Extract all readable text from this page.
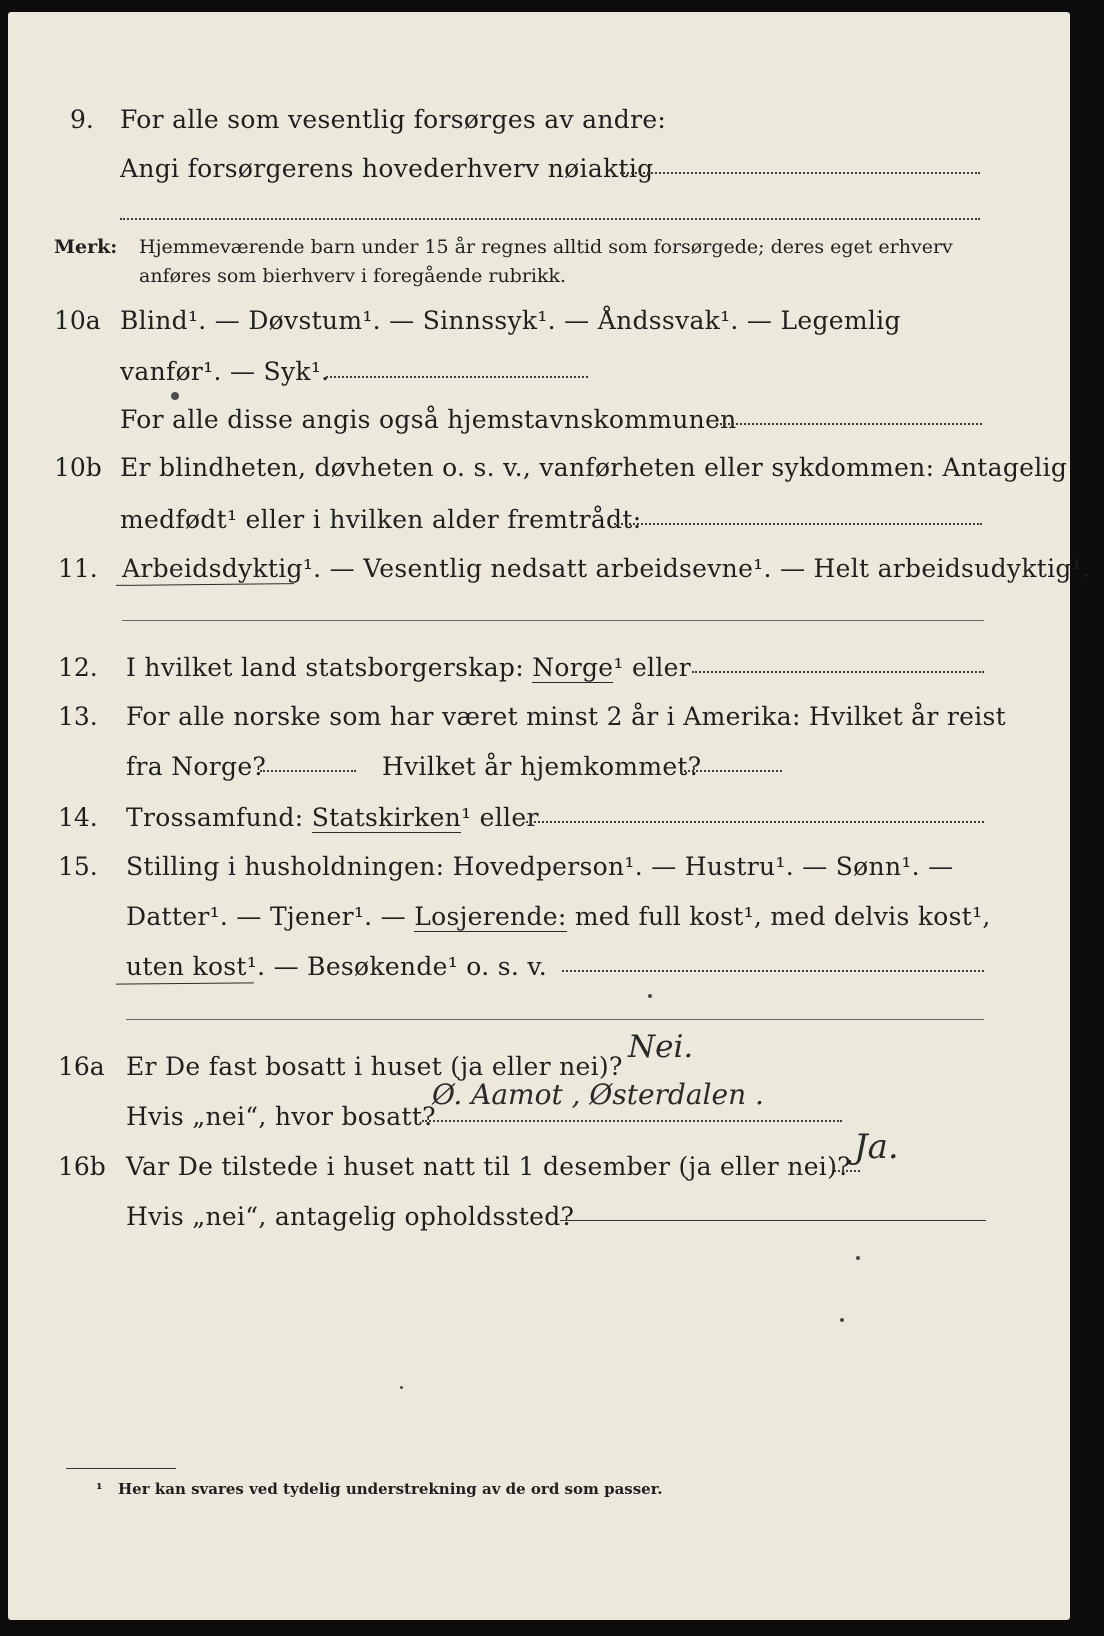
9. For alle som vesentlig forsørges av andre:
Angi forsørgerens hovederhverv nøiaktig
Merk: Hjemmeværende barn under 15 år regnes alltid som forsørgede; deres eget erhverv
anføres som bierhverv i foregående rubrikk.
10a Blind¹. — Døvstum¹. — Sinnssyk¹. — Åndssvak¹. — Legemlig
vanfør¹. — Syk¹.
For alle disse angis også hjemstavnskommunen
10b Er blindheten, døvheten o. s. v., vanførheten eller sykdommen: Antagelig
medfødt¹ eller i hvilken alder fremtrådt:
11. Arbeidsdyktig¹. — Vesentlig nedsatt arbeidsevne¹. — Helt arbeidsudyktig¹.
12. I hvilket land statsborgerskap: Norge¹ eller
13. For alle norske som har været minst 2 år i Amerika: Hvilket år reist
fra Norge?	Hvilket år hjemkommet?
14. Trossamfund: Statskirken¹ eller
15. Stilling i husholdningen: Hovedperson¹. — Hustru¹. — Sønn¹. —
Datter¹. — Tjener¹. — Losjerende: med full kost¹, med delvis kost¹,
uten kost¹. — Besøkende¹ o. s. v.
16a Er De fast bosatt i huset (ja eller nei)?
Nei.
Hvis „nei“, hvor bosatt?
Ø. Aamot , Østerdalen .
16b Var De tilstede i huset natt til 1 desember (ja eller nei)? Ja.
Hvis „nei“, antagelig opholdssted?
¹ Her kan svares ved tydelig understrekning av de ord som passer.
